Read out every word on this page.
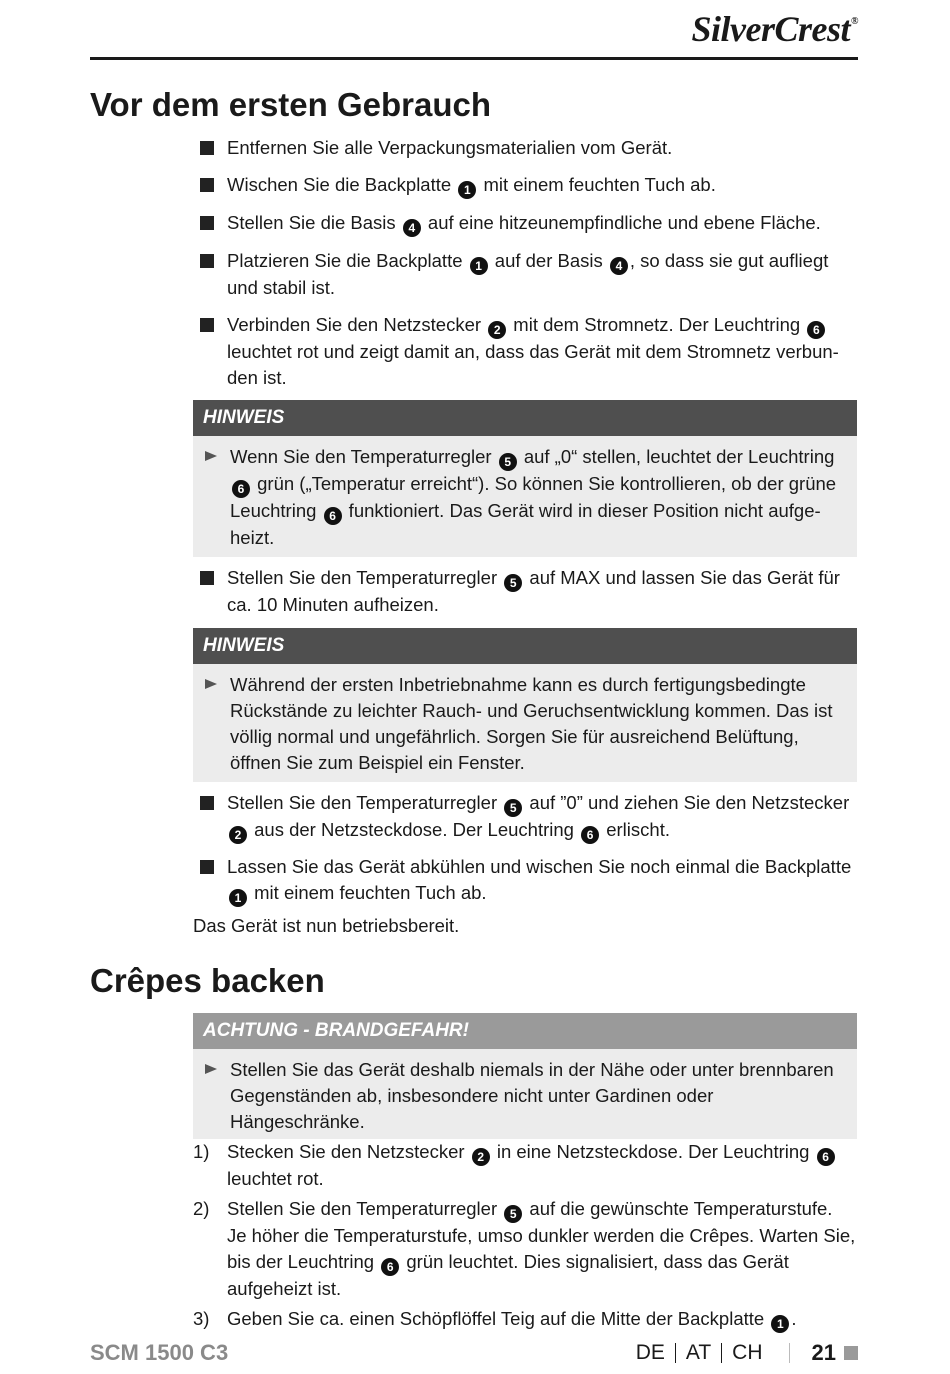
SilverCrest®
Vor dem ersten Gebrauch
Entfernen Sie alle Verpackungsmaterialien vom Gerät.
Wischen Sie die Backplatte 1 mit einem feuchten Tuch ab.
Stellen Sie die Basis 4 auf eine hitzeunempfindliche und ebene Fläche.
Platzieren Sie die Backplatte 1 auf der Basis 4 , so dass sie gut aufliegt und stabil ist.
Verbinden Sie den Netzstecker 2 mit dem Stromnetz. Der Leuchtring 6 leuchtet rot und zeigt damit an, dass das Gerät mit dem Stromnetz verbun-den ist.
HINWEIS
Wenn Sie den Temperaturregler 5 auf „0“ stellen, leuchtet der Leuchtring 6 grün („Temperatur erreicht“). So können Sie kontrollieren, ob der grüne Leuchtring 6 funktioniert. Das Gerät wird in dieser Position nicht aufge-heizt.
Stellen Sie den Temperaturregler 5 auf MAX und lassen Sie das Gerät für ca. 10 Minuten aufheizen.
HINWEIS
Während der ersten Inbetriebnahme kann es durch fertigungsbedingte Rückstände zu leichter Rauch- und Geruchsentwicklung kommen. Das ist völlig normal und ungefährlich. Sorgen Sie für ausreichend Belüftung, öffnen Sie zum Beispiel ein Fenster.
Stellen Sie den Temperaturregler 5 auf ”0” und ziehen Sie den Netzstecker 2 aus der Netzsteckdose. Der Leuchtring 6 erlischt.
Lassen Sie das Gerät abkühlen und wischen Sie noch einmal die Backplatte 1 mit einem feuchten Tuch ab.
Das Gerät ist nun betriebsbereit.
Crêpes backen
ACHTUNG - BRANDGEFAHR!
Stellen Sie das Gerät deshalb niemals in der Nähe oder unter brennbaren Gegenständen ab, insbesondere nicht unter Gardinen oder Hängeschränke.
1) Stecken Sie den Netzstecker 2 in eine Netzsteckdose. Der Leuchtring 6 leuchtet rot.
2) Stellen Sie den Temperaturregler 5 auf die gewünschte Temperaturstufe. Je höher die Temperaturstufe, umso dunkler werden die Crêpes. Warten Sie, bis der Leuchtring 6 grün leuchtet. Dies signalisiert, dass das Gerät aufgeheizt ist.
3) Geben Sie ca. einen Schöpflöffel Teig auf die Mitte der Backplatte 1 .
SCM 1500 C3	DE AT CH 21
